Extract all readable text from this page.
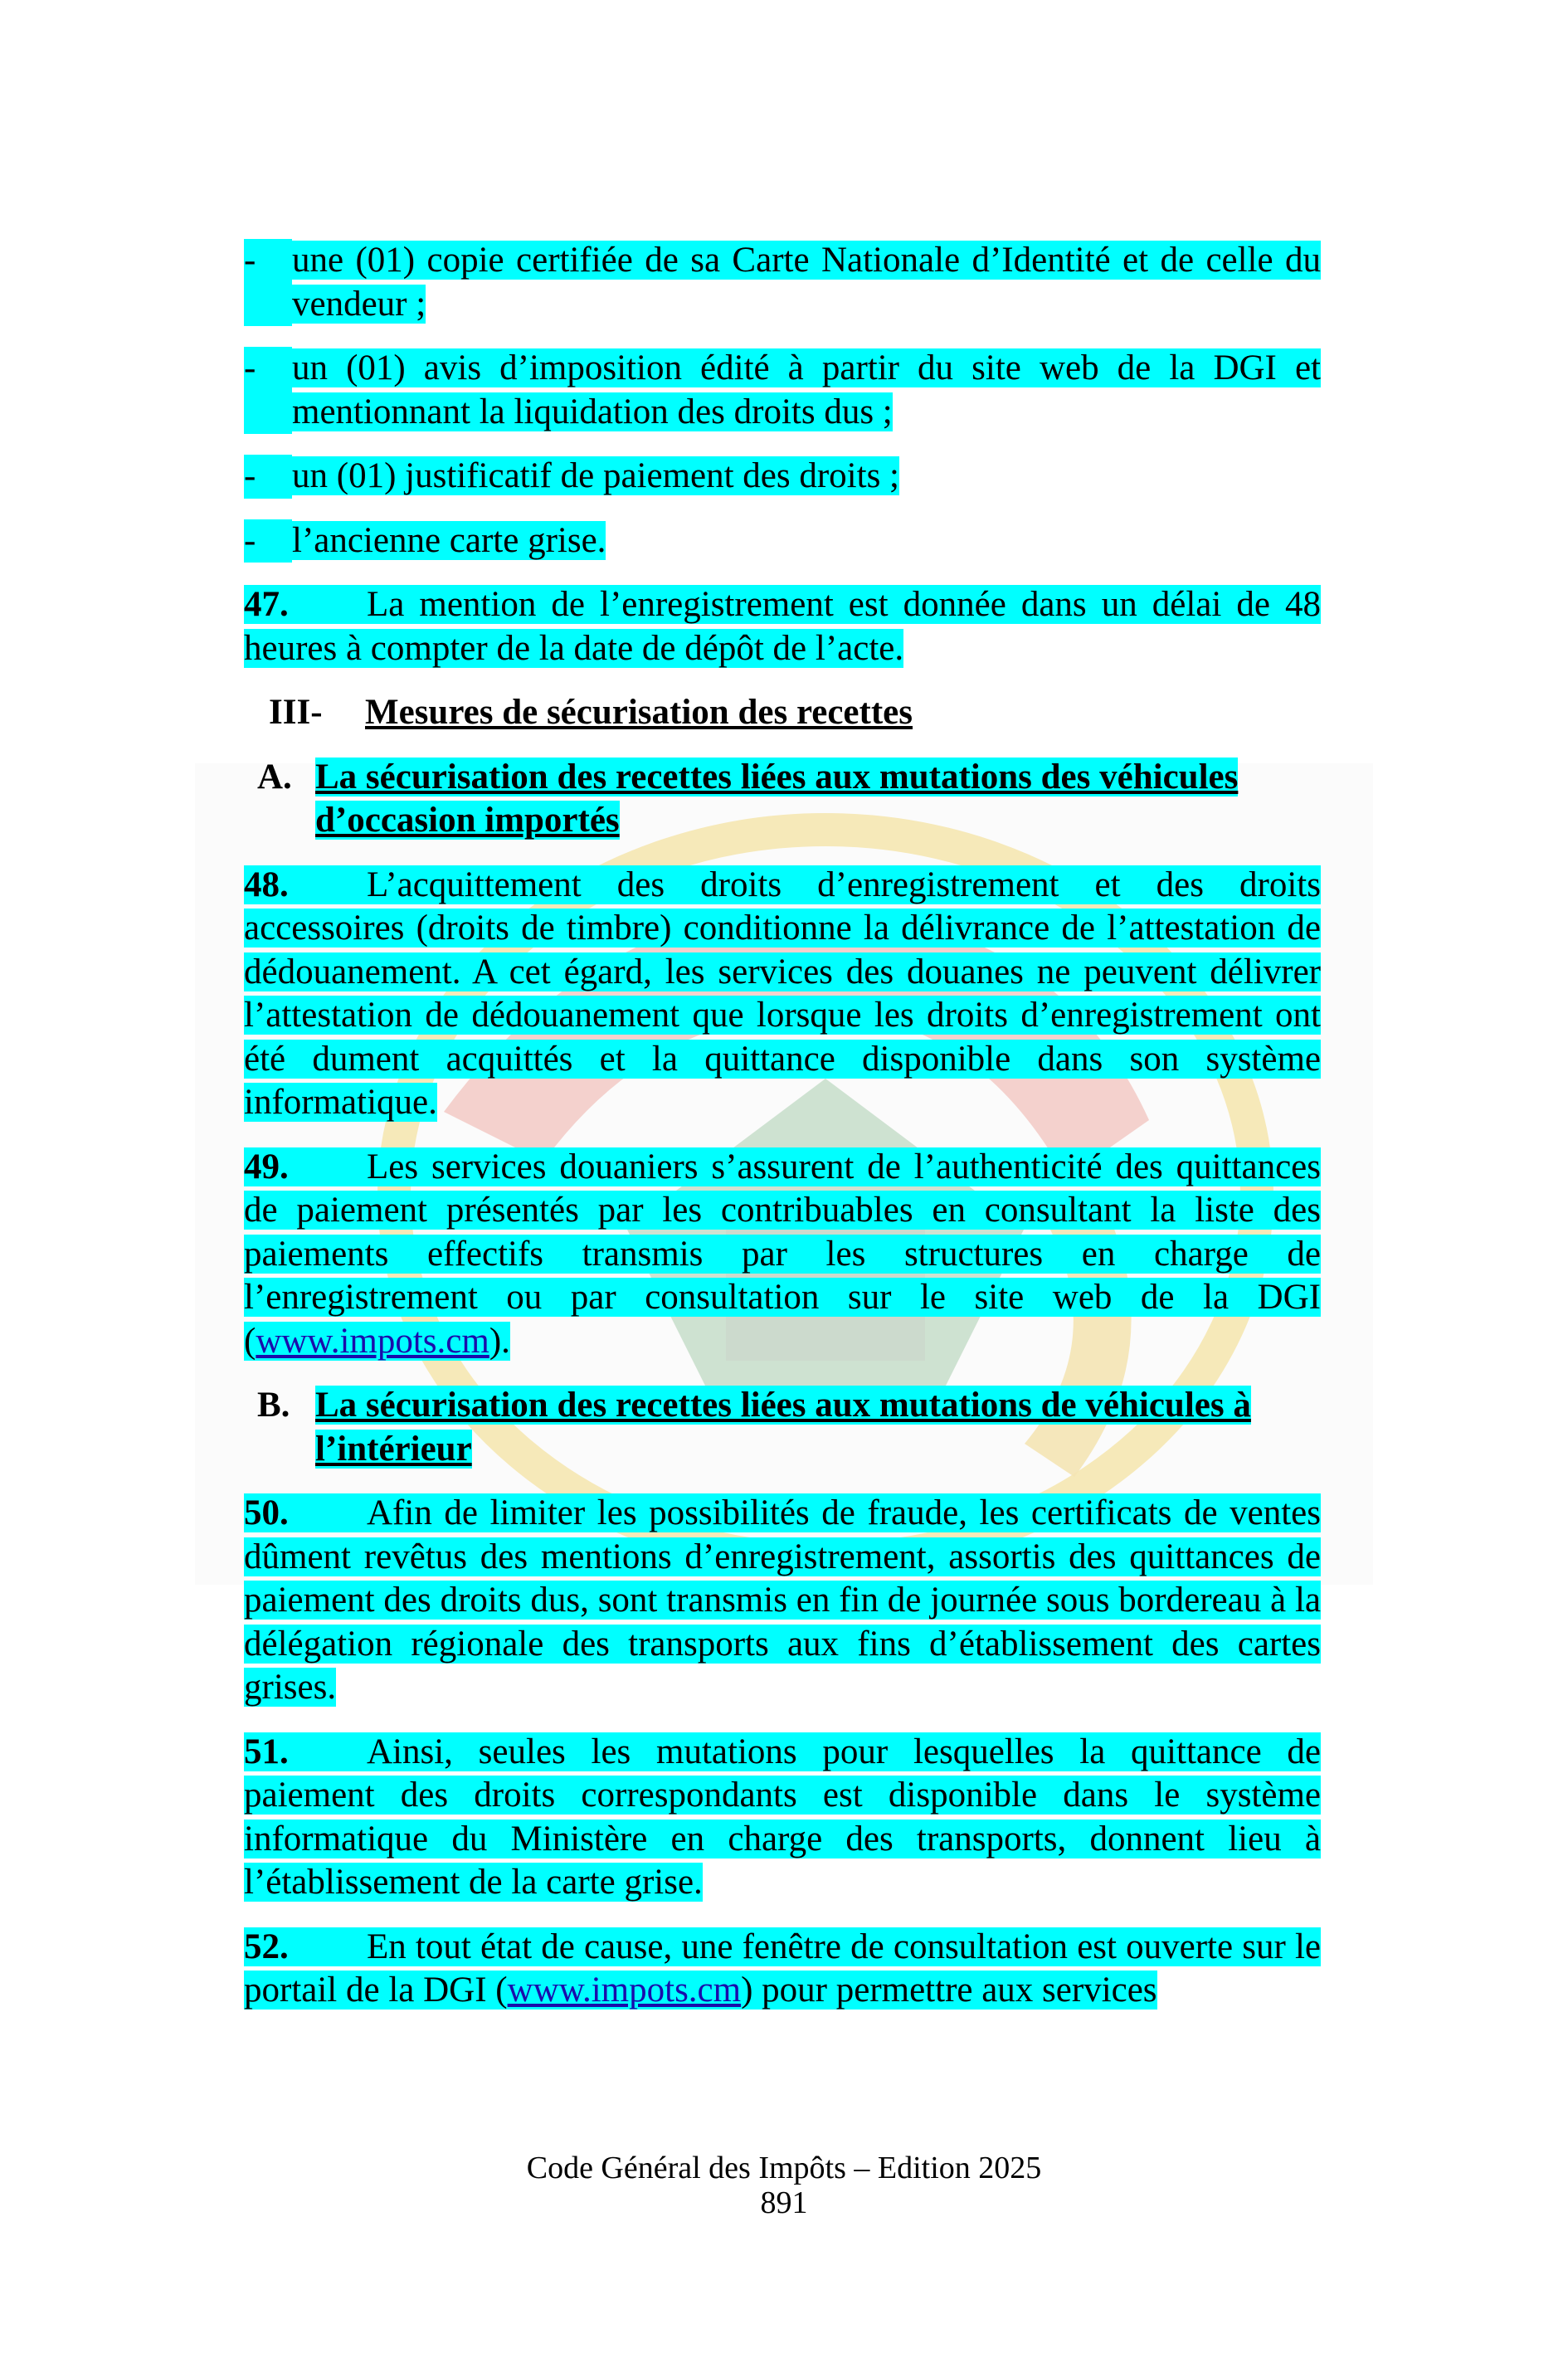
-	une (01) copie certifiée de sa Carte Nationale d’Identité et de celle du vendeur ;
-	un (01) avis d’imposition édité à partir du site web de la DGI et mentionnant la liquidation des droits dus ;
-	un (01) justificatif de paiement des droits ;
-	l’ancienne carte grise.
47. La mention de l’enregistrement est donnée dans un délai de 48 heures à compter de la date de dépôt de l’acte.
III-	Mesures de sécurisation des recettes
A. La sécurisation des recettes liées aux mutations des véhicules d’occasion importés
48. L’acquittement des droits d’enregistrement et des droits accessoires (droits de timbre) conditionne la délivrance de l’attestation de dédouanement. A cet égard, les services des douanes ne peuvent délivrer l’attestation de dédouanement que lorsque les droits d’enregistrement ont été dument acquittés et la quittance disponible dans son système informatique.
49. Les services douaniers s’assurent de l’authenticité des quittances de paiement présentés par les contribuables en consultant la liste des paiements effectifs transmis par les structures en charge de l’enregistrement ou par consultation sur le site web de la DGI (www.impots.cm).
B. La sécurisation des recettes liées aux mutations de véhicules à l’intérieur
50. Afin de limiter les possibilités de fraude, les certificats de ventes dûment revêtus des mentions d’enregistrement, assortis des quittances de paiement des droits dus, sont transmis en fin de journée sous bordereau à la délégation régionale des transports aux fins d’établissement des cartes grises.
51. Ainsi, seules les mutations pour lesquelles la quittance de paiement des droits correspondants est disponible dans le système informatique du Ministère en charge des transports, donnent lieu à l’établissement de la carte grise.
52. En tout état de cause, une fenêtre de consultation est ouverte sur le portail de la DGI (www.impots.cm) pour permettre aux services
Code Général des Impôts – Edition 2025
891
